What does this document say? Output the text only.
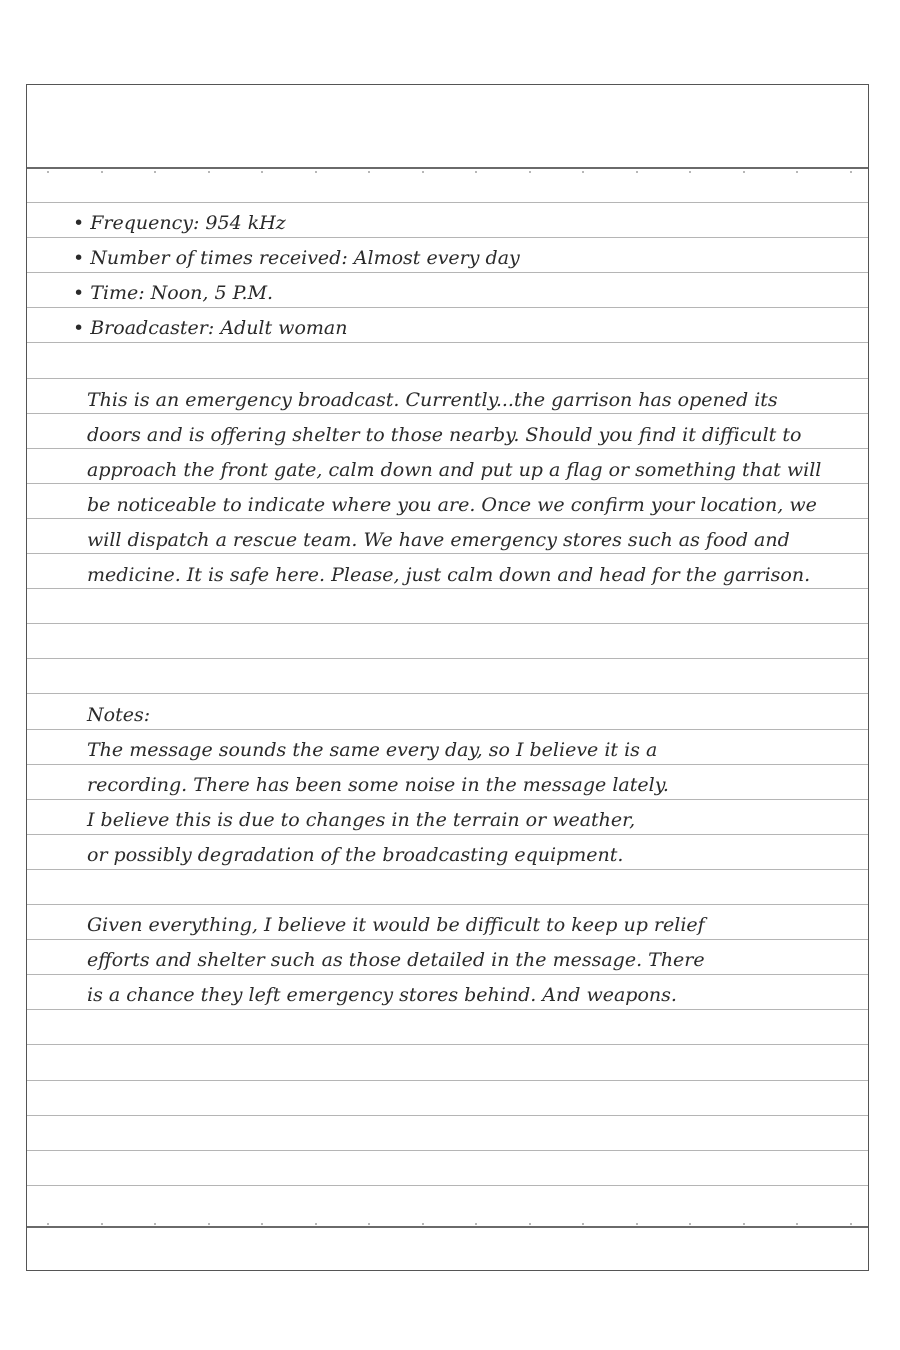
• Frequency: 954 kHz
• Number of times received: Almost every day
• Time: Noon, 5 P.M.
• Broadcaster: Adult woman
This is an emergency broadcast. Currently...the garrison has opened its
doors and is offering shelter to those nearby. Should you find it difficult to
approach the front gate, calm down and put up a flag or something that will
be noticeable to indicate where you are. Once we confirm your location, we
will dispatch a rescue team. We have emergency stores such as food and
medicine. It is safe here. Please, just calm down and head for the garrison.
Notes:
The message sounds the same every day, so I believe it is a
recording. There has been some noise in the message lately.
I believe this is due to changes in the terrain or weather,
or possibly degradation of the broadcasting equipment.
Given everything, I believe it would be difficult to keep up relief
efforts and shelter such as those detailed in the message. There
is a chance they left emergency stores behind. And weapons.
